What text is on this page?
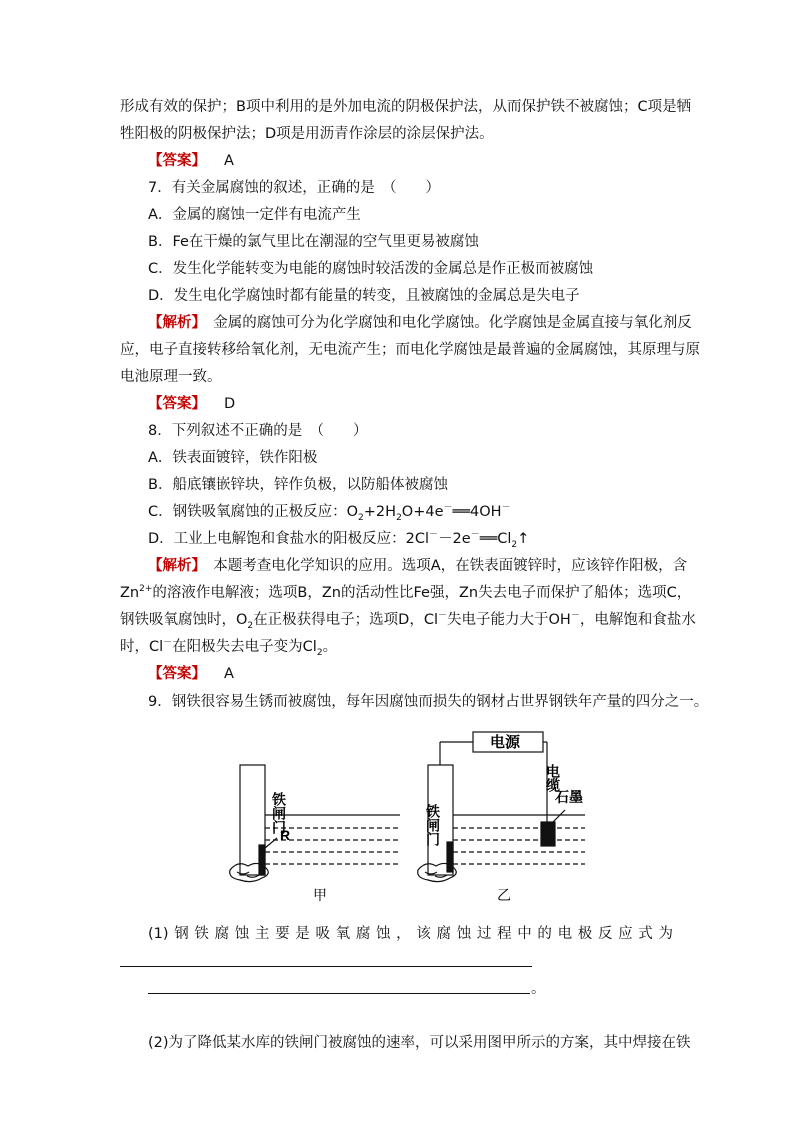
形成有效的保护；B项中利用的是外加电流的阴极保护法，从而保护铁不被腐蚀；C项是牺
牲阳极的阴极保护法；D项是用沥青作涂层的涂层保护法。
【答案】 A
7．有关金属腐蚀的叙述，正确的是　（　　）
A．金属的腐蚀一定伴有电流产生
B．Fe在干燥的氯气里比在潮湿的空气里更易被腐蚀
C．发生化学能转变为电能的腐蚀时较活泼的金属总是作正极而被腐蚀
D．发生电化学腐蚀时都有能量的转变，且被腐蚀的金属总是失电子
【解析】　 金属的腐蚀可分为化学腐蚀和电化学腐蚀。化学腐蚀是金属直接与氧化剂反
应，电子直接转移给氧化剂，无电流产生；而电化学腐蚀是最普遍的金属腐蚀，其原理与原
电池原理一致。
【答案】 D
8．下列叙述不正确的是　（　　）
A．铁表面镀锌，铁作阳极
B．船底镶嵌锌块，锌作负极，以防船体被腐蚀
C．钢铁吸氧腐蚀的正极反应：$O_2+2H_2O+4e^-══4OH^-$
D．工业上电解饱和食盐水的阳极反应：$2Cl^--2e^-══Cl_2↑$
【解析】　 本题考查电化学知识的应用。选项A，在铁表面镀锌时，应该锌作阳极，含
$Zn^{2+}$的溶液作电解液；选项B，Zn的活动性比Fe强，Zn失去电子而保护了船体；选项C，
钢铁吸氧腐蚀时，$O_2$在正极获得电子；选项D，Cl－失电子能力大于OH－，电解饱和食盐水
时，Cl－在阳极失去电子变为$Cl_2$。
【答案】 A
9．钢铁很容易生锈而被腐蚀，每年因腐蚀而损失的钢材占世界钢铁年产量的四分之一。
铁闸门
R
甲
电源
电缆
石墨
铁闸门
乙
(1)钢铁腐蚀主要是吸氧腐蚀，该腐蚀过程中的电极反应式为
。
(2)为了降低某水库的铁闸门被腐蚀的速率，可以采用图甲所示的方案，其中焊接在铁
